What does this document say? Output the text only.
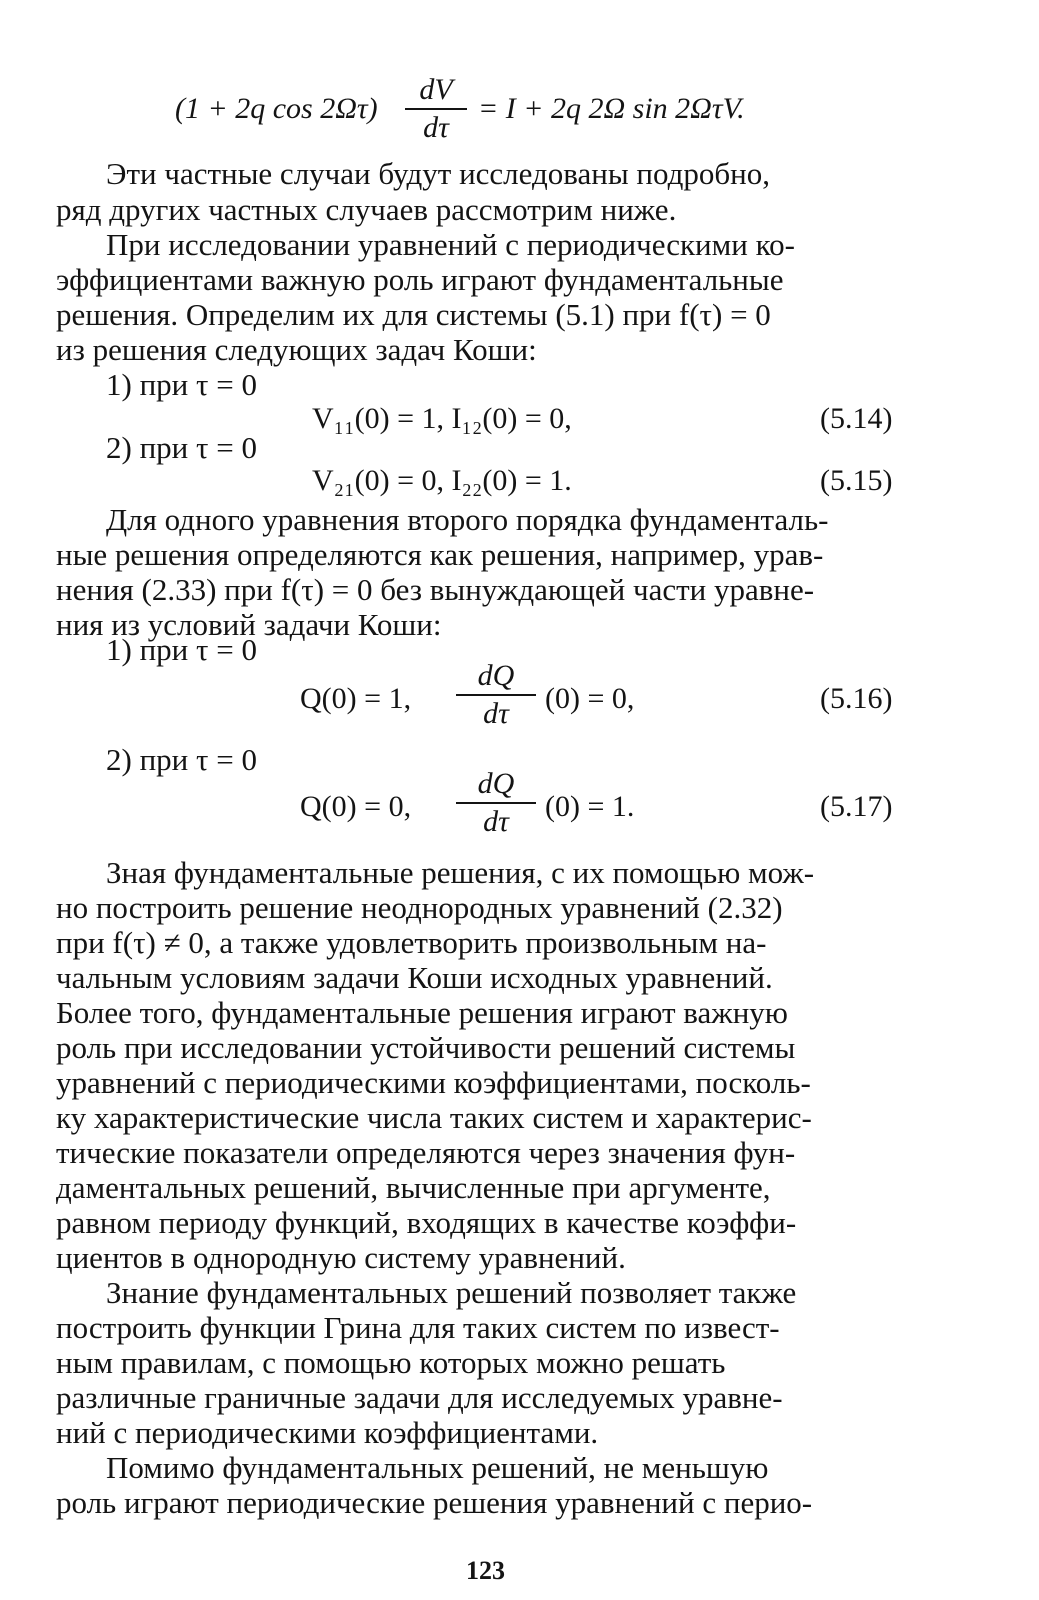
(1 + 2q cos 2Ωτ)
dV
dτ
= I + 2q 2Ω sin 2ΩτV.
Эти частные случаи будут исследованы подробно,
ряд других частных случаев рассмотрим ниже.
При исследовании уравнений с периодическими ко-
эффициентами важную роль играют фундаментальные
решения. Определим их для системы (5.1) при f(τ) = 0
из решения следующих задач Коши:
1) при τ = 0
V₁₁(0) = 1, I₁₂(0) = 0,	(5.14)
2) при τ = 0
V₂₁(0) = 0, I₂₂(0) = 1.	(5.15)
Для одного уравнения второго порядка фундаменталь-
ные решения определяются как решения, например, урав-
нения (2.33) при f(τ) = 0 без вынуждающей части уравне-
ния из условий задачи Коши:
1) при τ = 0
Q(0) = 1,
dQ
dτ	(0) = 0,	(5.16)
2) при τ = 0
Q(0) = 0,
dQ
dτ	(0) = 1.	(5.17)
Зная фундаментальные решения, с их помощью мож-
но построить решение неоднородных уравнений (2.32)
при f(τ) ≠ 0, а также удовлетворить произвольным на-
чальным условиям задачи Коши исходных уравнений.
Более того, фундаментальные решения играют важную
роль при исследовании устойчивости решений системы
уравнений с периодическими коэффициентами, посколь-
ку характеристические числа таких систем и характерис-
тические показатели определяются через значения фун-
даментальных решений, вычисленные при аргументе,
равном периоду функций, входящих в качестве коэффи-
циентов в однородную систему уравнений.
Знание фундаментальных решений позволяет также
построить функции Грина для таких систем по извест-
ным правилам, с помощью которых можно решать
различные граничные задачи для исследуемых уравне-
ний с периодическими коэффициентами.
Помимо фундаментальных решений, не меньшую
роль играют периодические решения уравнений с перио-
123
